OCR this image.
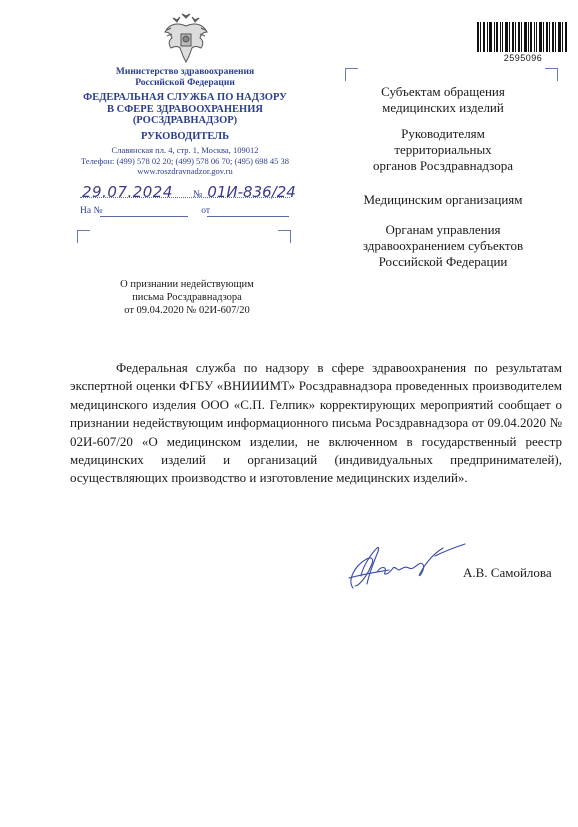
2595096
Министерство здравоохранения
Российской Федерации
ФЕДЕРАЛЬНАЯ СЛУЖБА ПО НАДЗОРУ
В СФЕРЕ ЗДРАВООХРАНЕНИЯ
(РОСЗДРАВНАДЗОР)
РУКОВОДИТЕЛЬ
Славянская пл. 4, стр. 1, Москва, 109012
Телефон: (499) 578 02 20; (499) 578 06 70; (495) 698 45 38
www.roszdravnadzor.gov.ru
29.07.2024 № 01И-836/24
На №	от
О признании недействующим
письма Росздравнадзора
от 09.04.2020 № 02И-607/20
Субъектам обращения
медицинских изделий
Руководителям
территориальных
органов Росздравнадзора
Медицинским организациям
Органам управления
здравоохранением субъектов
Российской Федерации

Федеральная служба по надзору в сфере здравоохранения по результатам экспертной оценки ФГБУ «ВНИИИМТ» Росздравнадзора проведенных производителем медицинского изделия ООО «С.П. Гелпик» корректирующих мероприятий сообщает о признании недействующим информационного письма Росздравнадзора от 09.04.2020 № 02И-607/20 «О медицинском изделии, не включенном в государственный реестр медицинских изделий и организаций (индивидуальных предпринимателей), осуществляющих производство и изготовление медицинских изделий».

А.В. Самойлова
